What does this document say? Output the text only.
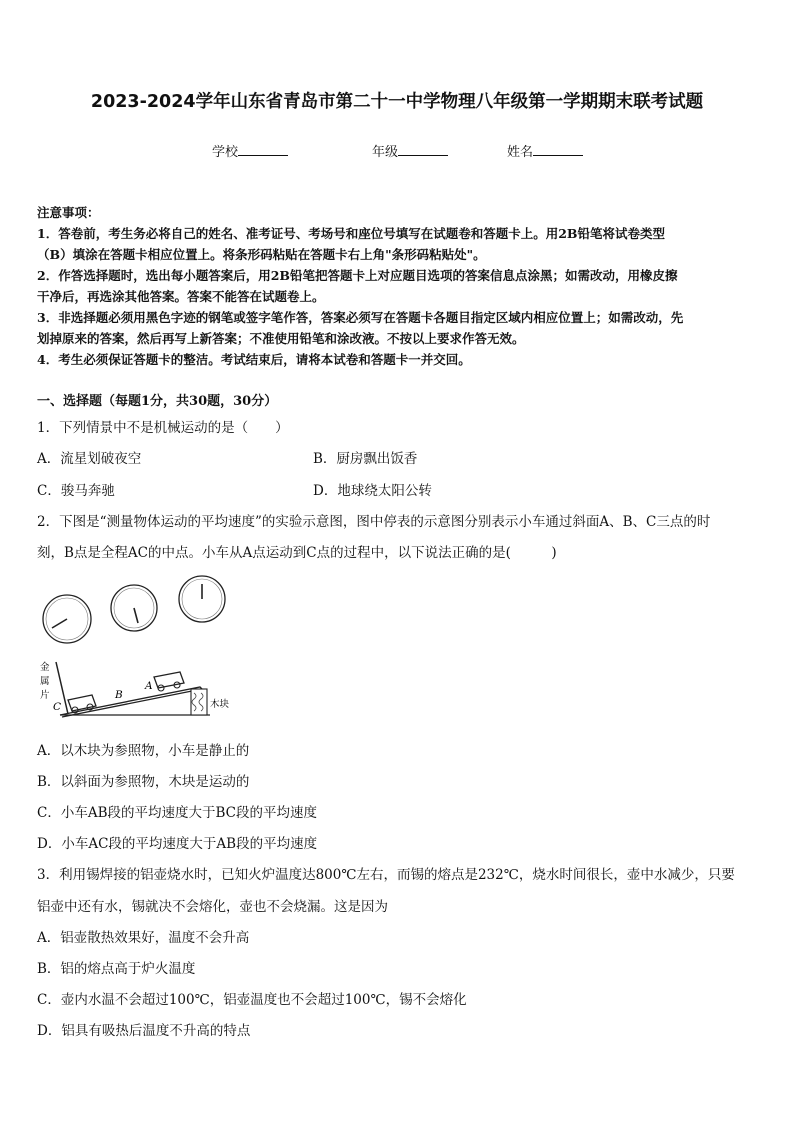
2023-2024学年山东省青岛市第二十一中学物理八年级第一学期期末联考试题
学校	年级	姓名
注意事项：
1．答卷前，考生务必将自己的姓名、准考证号、考场号和座位号填写在试题卷和答题卡上。用2B铅笔将试卷类型
（B）填涂在答题卡相应位置上。将条形码粘贴在答题卡右上角"条形码粘贴处"。
2．作答选择题时，选出每小题答案后，用2B铅笔把答题卡上对应题目选项的答案信息点涂黑；如需改动，用橡皮擦
干净后，再选涂其他答案。答案不能答在试题卷上。
3．非选择题必须用黑色字迹的钢笔或签字笔作答，答案必须写在答题卡各题目指定区域内相应位置上；如需改动，先
划掉原来的答案，然后再写上新答案；不准使用铅笔和涂改液。不按以上要求作答无效。
4．考生必须保证答题卡的整洁。考试结束后，请将本试卷和答题卡一并交回。
一、选择题（每题1分，共30题，30分）
1．下列情景中不是机械运动的是（　　）
A．流星划破夜空	B．厨房飘出饭香
C．骏马奔驰	D．地球绕太阳公转
2．下图是“测量物体运动的平均速度”的实验示意图，图中停表的示意图分别表示小车通过斜面A、B、C三点的时
刻，B点是全程AC的中点。小车从A点运动到C点的过程中，以下说法正确的是(　　　)
金
属
片
C
B
A
木块
A．以木块为参照物，小车是静止的
B．以斜面为参照物，木块是运动的
C．小车AB段的平均速度大于BC段的平均速度
D．小车AC段的平均速度大于AB段的平均速度
3．利用锡焊接的铝壶烧水时，已知火炉温度达800℃左右，而锡的熔点是232℃，烧水时间很长，壶中水减少，只要
铝壶中还有水，锡就决不会熔化，壶也不会烧漏。这是因为
A．铝壶散热效果好，温度不会升高
B．铝的熔点高于炉火温度
C．壶内水温不会超过100℃，铝壶温度也不会超过100℃，锡不会熔化
D．铝具有吸热后温度不升高的特点
